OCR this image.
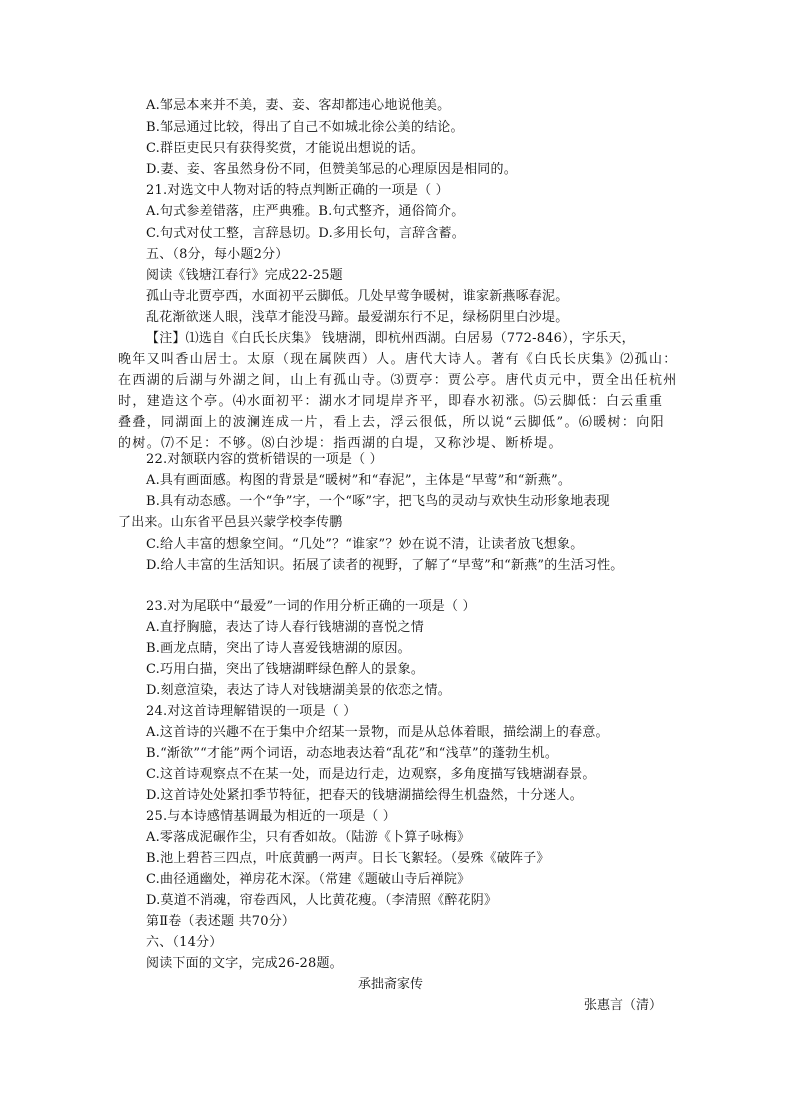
A.邹忌本来并不美，妻、妾、客却都违心地说他美。
B.邹忌通过比较，得出了自己不如城北徐公美的结论。
C.群臣吏民只有获得奖赏，才能说出想说的话。
D.妻、妾、客虽然身份不同，但赞美邹忌的心理原因是相同的。
21.对选文中人物对话的特点判断正确的一项是（ ）
A.句式参差错落，庄严典雅。B.句式整齐，通俗简介。
C.句式对仗工整，言辞恳切。D.多用长句，言辞含蓄。
五、（8分，每小题2分）
阅读《钱塘江春行》完成22-25题
孤山寺北贾亭西，水面初平云脚低。几处早莺争暖树，谁家新燕啄春泥。
乱花渐欲迷人眼，浅草才能没马蹄。最爱湖东行不足，绿杨阴里白沙堤。
【注】⑴选自《白氏长庆集》 钱塘湖，即杭州西湖。白居易（772-846），字乐天，
晚年又叫香山居士。太原（现在属陕西）人。唐代大诗人。著有《白氏长庆集》⑵孤山：
在西湖的后湖与外湖之间，山上有孤山寺。⑶贾亭：贾公亭。唐代贞元中，贾全出任杭州
时，建造这个亭。⑷水面初平：湖水才同堤岸齐平，即春水初涨。⑸云脚低：白云重重
叠叠，同湖面上的波澜连成一片，看上去，浮云很低，所以说“云脚低”。⑹暖树：向阳
的树。⑺不足：不够。⑻白沙堤：指西湖的白堤，又称沙堤、断桥堤。
22.对颔联内容的赏析错误的一项是（ ）
A.具有画面感。构图的背景是“暖树”和“春泥”，主体是“早莺”和“新燕”。
B.具有动态感。一个“争”字，一个“啄”字，把飞鸟的灵动与欢快生动形象地表现
了出来。山东省平邑县兴蒙学校李传鹏
C.给人丰富的想象空间。“几处”？“谁家”？妙在说不清，让读者放飞想象。
D.给人丰富的生活知识。拓展了读者的视野，了解了“早莺”和“新燕”的生活习性。
23.对为尾联中“最爱”一词的作用分析正确的一项是（ ）
A.直抒胸臆，表达了诗人春行钱塘湖的喜悦之情
B.画龙点睛，突出了诗人喜爱钱塘湖的原因。
C.巧用白描，突出了钱塘湖畔绿色醉人的景象。
D.刻意渲染，表达了诗人对钱塘湖美景的依恋之情。
24.对这首诗理解错误的一项是（ ）
A.这首诗的兴趣不在于集中介绍某一景物，而是从总体着眼，描绘湖上的春意。
B.“渐欲”“才能”两个词语，动态地表达着“乱花”和“浅草”的蓬勃生机。
C.这首诗观察点不在某一处，而是边行走，边观察，多角度描写钱塘湖春景。
D.这首诗处处紧扣季节特征，把春天的钱塘湖描绘得生机盎然，十分迷人。
25.与本诗感情基调最为相近的一项是（ ）
A.零落成泥碾作尘，只有香如故。（陆游《卜算子咏梅》
B.池上碧苔三四点，叶底黄鹂一两声。日长飞絮轻。（晏殊《破阵子》
C.曲径通幽处，禅房花木深。（常建《题破山寺后禅院》
D.莫道不消魂，帘卷西风，人比黄花瘦。（李清照《醉花阴》
第Ⅱ卷（表述题 共70分）
六、（14分）
阅读下面的文字，完成26-28题。
承拙斋家传
张惠言（清）
